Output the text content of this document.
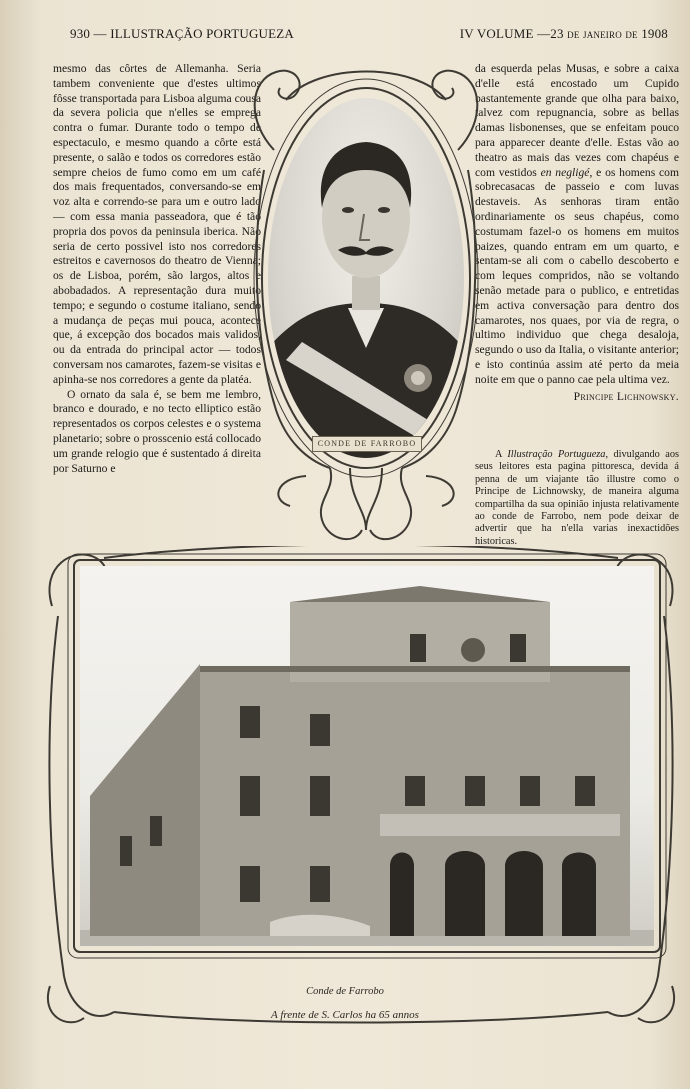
930 — ILLUSTRAÇÃO PORTUGUEZA	IV VOLUME —23 de janeiro de 1908

mesmo das côrtes de Allemanha. Seria tambem conveniente que d'estes ultimos fôsse transportada para Lisboa alguma cousa da severa policia que n'elles se emprega contra o fumar. Durante todo o tempo de espectaculo, e mesmo quando a côrte está presente, o salão e todos os corredores estão sempre cheios de fumo como em um café dos mais frequentados, conversando-se em voz alta e correndo-se para um e outro lado — com essa mania passeadora, que é tão propria dos povos da peninsula iberica. Não seria de certo possivel isto nos corredores estreitos e cavernosos do theatro de Vienna; os de Lisboa, porém, são largos, altos e abobadados. A representação dura muito tempo; e segundo o costume italiano, sendo a mudança de peças mui pouca, acontece que, á excepção dos bocados mais validos, ou da entrada do principal actor — todos conversam nos camarotes, fazem-se visitas e apinha-se nos corredores a gente da platéa.

O ornato da sala é, se bem me lembro, branco e dourado, e no tecto elliptico estão representados os corpos celestes e o systema planetario; sobre o prosscenio está collocado um grande relogio que é sustentado á direita por Saturno e

da esquerda pelas Musas, e sobre a caixa d'elle está encostado um Cupido bastantemente grande que olha para baixo, talvez com repugnancia, sobre as bellas damas lisbonenses, que se enfeitam pouco para apparecer deante d'elle. Estas vão ao theatro as mais das vezes com chapéus e com vestidos en negligé, e os homens com sobrecasacas de passeio e com luvas destaveis. As senhoras tiram então ordinariamente os seus chapéus, como costumam fazel-o os homens em muitos paizes, quando entram em um quarto, e sentam-se ali com o cabello descoberto e com leques compridos, não se voltando senão metade para o publico, e entretidas em activa conversação para dentro dos camarotes, nos quaes, por via de regra, o ultimo individuo que chega desaloja, segundo o uso da Italia, o visitante anterior; e isto continúa assim até perto da meia noite em que o panno cae pela ultima vez.

Principe Lichnowsky.

A Illustração Portugueza, divulgando aos seus leitores esta pagina pittoresca, devida á penna de um viajante tão illustre como o Principe de Lichnowsky, de maneira alguma compartilha da sua opinião injusta relativamente ao conde de Farrobo, nem pode deixar de advertir que ha n'ella varias inexactidões historicas.

CONDE DE FARROBO
Conde de Farrobo
A frente de S. Carlos ha 65 annos
